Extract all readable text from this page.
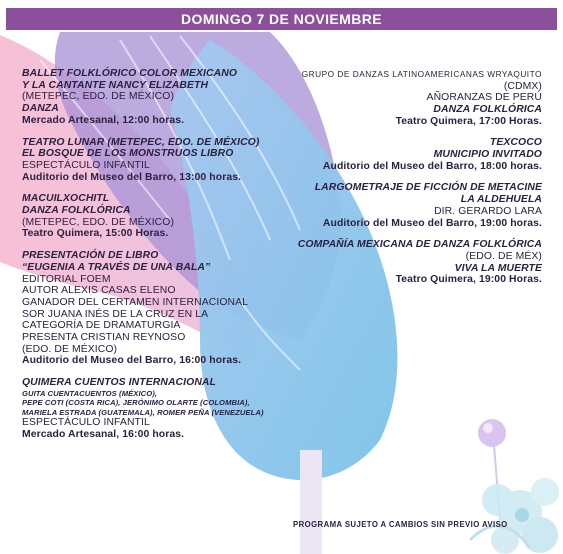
DOMINGO 7 DE NOVIEMBRE
BALLET FOLKLÓRICO COLOR MEXICANO
Y LA CANTANTE NANCY ELIZABETH
(METEPEC, EDO. DE MÉXICO)
DANZA
Mercado Artesanal, 12:00 horas.
TEATRO LUNAR (METEPEC, EDO. DE MÉXICO)
EL BOSQUE DE LOS MONSTRUOS LIBRO
ESPECTÁCULO INFANTIL
Auditorio del Museo del Barro, 13:00 horas.
MACUILXOCHITL
DANZA FOLKLÓRICA
(METEPEC, EDO. DE MÉXICO)
Teatro Quimera, 15:00 Horas.
PRESENTACIÓN DE LIBRO
“EUGENIA A TRAVÉS DE UNA BALA”
EDITORIAL FOEM
AUTOR ALEXIS CASAS ELENO
GANADOR DEL CERTAMEN INTERNACIONAL
SOR JUANA INÉS DE LA CRUZ EN LA
CATEGORÍA DE DRAMATURGIA
PRESENTA CRISTIAN REYNOSO
(EDO. DE MÉXICO)
Auditorio del Museo del Barro, 16:00 horas.
QUIMERA CUENTOS INTERNACIONAL
GUITA CUENTACUENTOS (MÉXICO),
PEPE COTI (COSTA RICA), JERÓNIMO OLARTE (COLOMBIA),
MARIELA ESTRADA (GUATEMALA), ROMER PEÑA (VENEZUELA)
ESPECTÁCULO INFANTIL
Mercado Artesanal, 16:00 horas.
GRUPO DE DANZAS LATINOAMERICANAS WRYAQUITO
(CDMX)
AÑORANZAS DE PERÚ
DANZA FOLKLÓRICA
Teatro Quimera, 17:00 Horas.
TEXCOCO
MUNICIPIO INVITADO
Auditorio del Museo del Barro, 18:00 horas.
LARGOMETRAJE DE FICCIÓN DE METACINE
LA ALDEHUELA
DIR. GERARDO LARA
Auditorio del Museo del Barro, 19:00 horas.
COMPAÑÍA MEXICANA DE DANZA FOLKLÓRICA
(EDO. DE MÉX)
VIVA LA MUERTE
Teatro Quimera, 19:00 Horas.
PROGRAMA SUJETO A CAMBIOS SIN PREVIO AVISO
